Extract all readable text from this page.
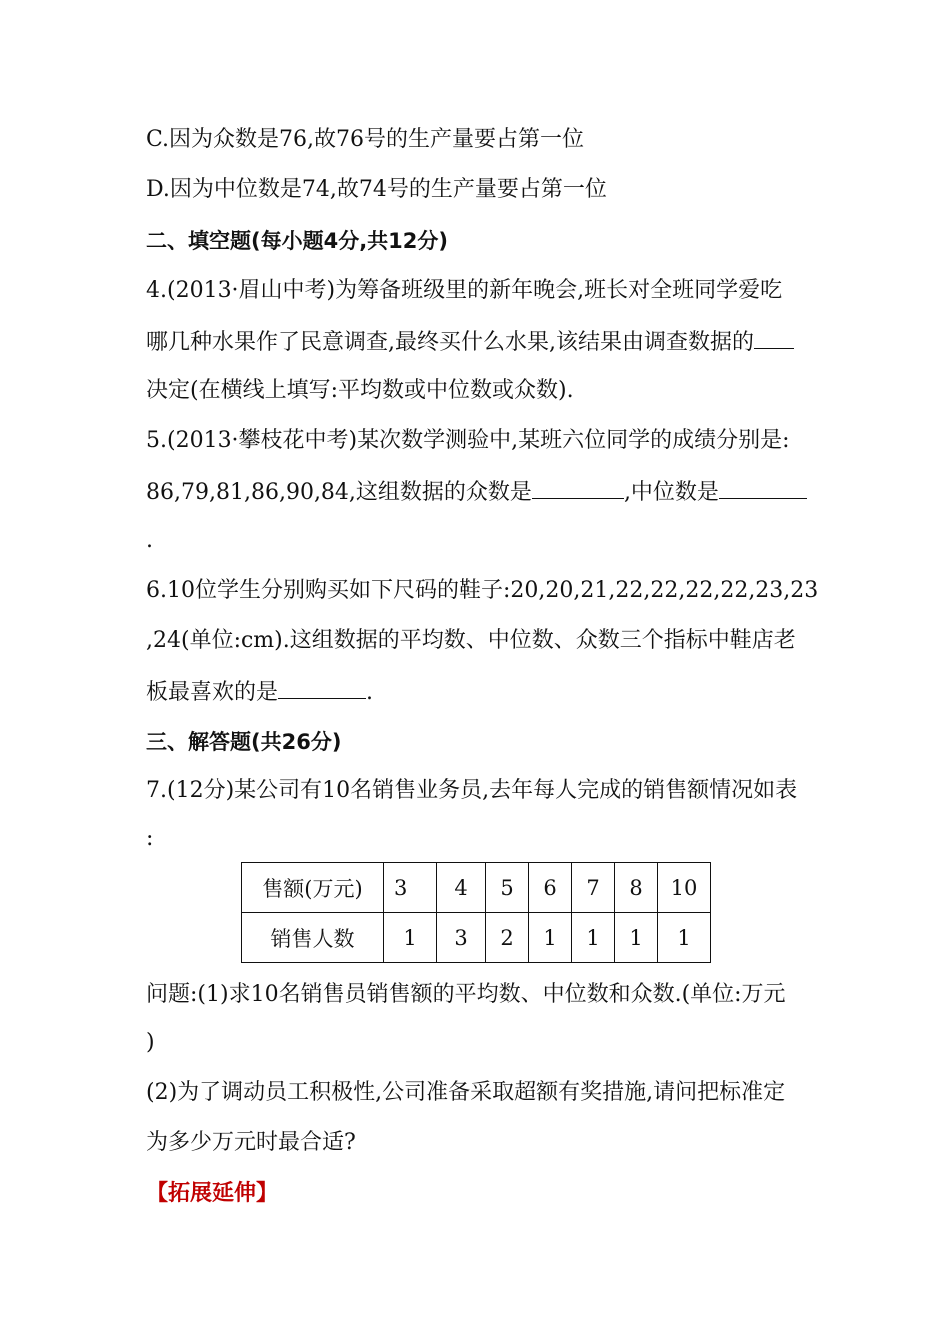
C.因为众数是76,故76号的生产量要占第一位
D.因为中位数是74,故74号的生产量要占第一位
二、填空题(每小题4分,共12分)
4.(2013·眉山中考)为筹备班级里的新年晚会,班长对全班同学爱吃
哪几种水果作了民意调查,最终买什么水果,该结果由调查数据的
决定(在横线上填写:平均数或中位数或众数).
5.(2013·攀枝花中考)某次数学测验中,某班六位同学的成绩分别是:
86,79,81,86,90,84,这组数据的众数是	,中位数是
.
6.10位学生分别购买如下尺码的鞋子:20,20,21,22,22,22,22,23,23
,24(单位:cm).这组数据的平均数、中位数、众数三个指标中鞋店老
板最喜欢的是	.
三、解答题(共26分)
7.(12分)某公司有10名销售业务员,去年每人完成的销售额情况如表
:
售额(万元)	3	4	5	6	7	8	10
销售人数	1	3	2	1	1	1	1
问题:(1)求10名销售员销售额的平均数、中位数和众数.(单位:万元
)
(2)为了调动员工积极性,公司准备采取超额有奖措施,请问把标准定
为多少万元时最合适?
【拓展延伸】
